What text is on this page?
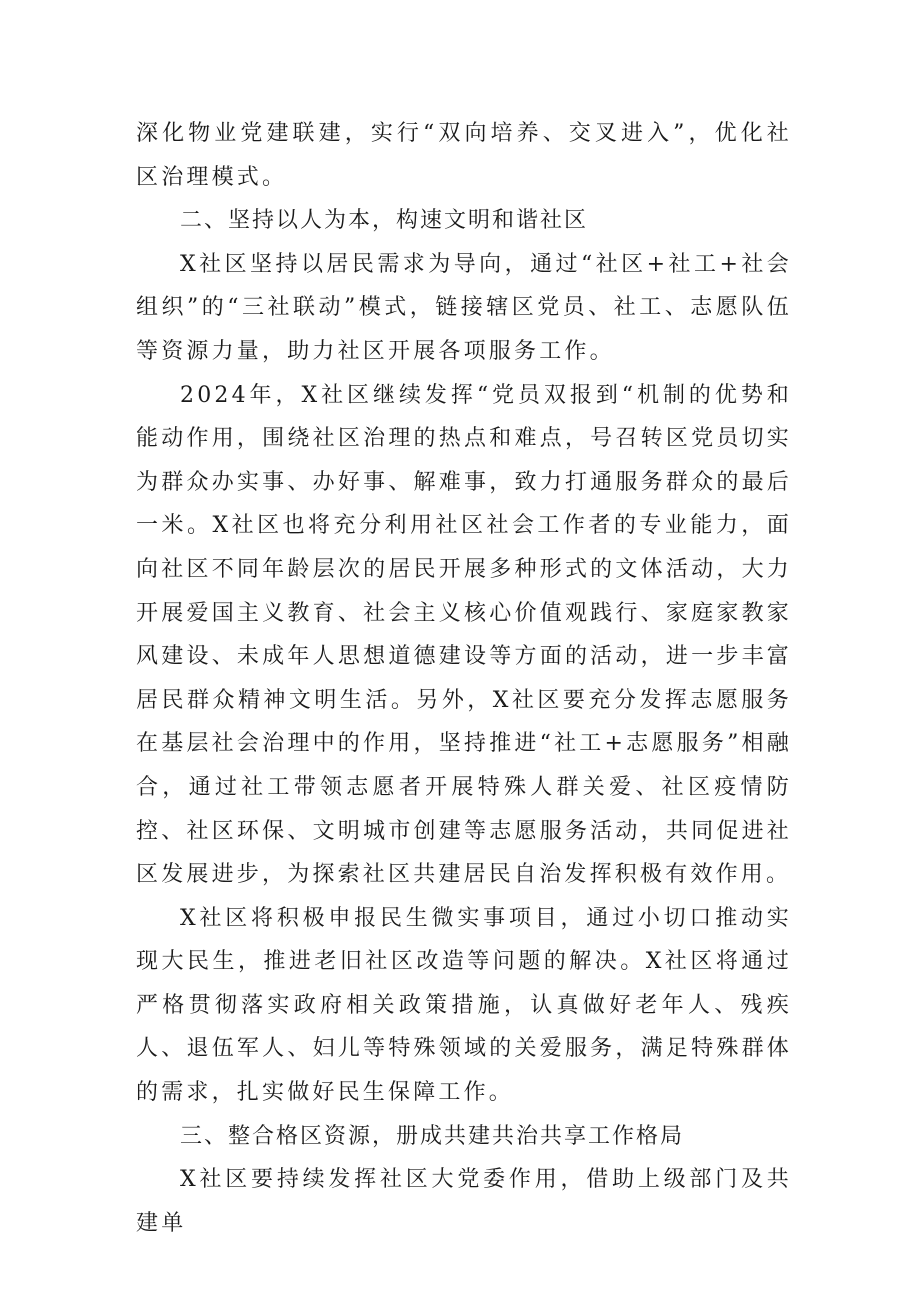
深化物业党建联建，实行“双向培养、交叉进入”，优化社区治理模式。

二、坚持以人为本，构速文明和谐社区

X社区坚持以居民需求为导向，通过“社区+社工+社会组织”的“三社联动”模式，链接辖区党员、社工、志愿队伍等资源力量，助力社区开展各项服务工作。

2024年，X社区继续发挥“党员双报到“机制的优势和能动作用，围绕社区治理的热点和难点，号召转区党员切实为群众办实事、办好事、解难事，致力打通服务群众的最后一米。X社区也将充分利用社区社会工作者的专业能力，面向社区不同年龄层次的居民开展多种形式的文体活动，大力开展爱国主义教育、社会主义核心价值观践行、家庭家教家风建设、未成年人思想道德建设等方面的活动，进一步丰富居民群众精神文明生活。另外，X社区要充分发挥志愿服务在基层社会治理中的作用，坚持推进“社工+志愿服务”相融合，通过社工带领志愿者开展特殊人群关爱、社区疫情防控、社区环保、文明城市创建等志愿服务活动，共同促进社区发展进步，为探索社区共建居民自治发挥积极有效作用。

X社区将积极申报民生微实事项目，通过小切口推动实现大民生，推进老旧社区改造等问题的解决。X社区将通过严格贯彻落实政府相关政策措施，认真做好老年人、残疾人、退伍军人、妇儿等特殊领域的关爱服务，满足特殊群体的需求，扎实做好民生保障工作。

三、整合格区资源，册成共建共治共享工作格局

X社区要持续发挥社区大党委作用，借助上级部门及共建单
